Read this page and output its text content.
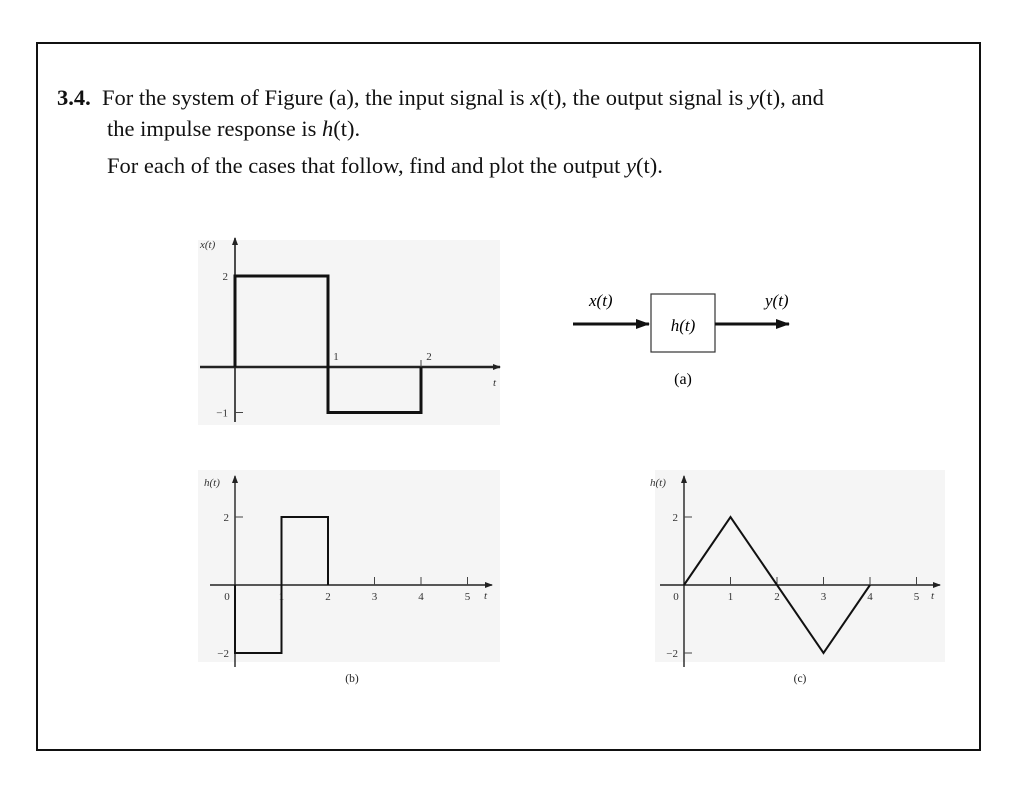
3.4. For the system of Figure (a), the input signal is x(t), the output signal is y(t), and
the impulse response is h(t).
For each of the cases that follow, find and plot the output y(t).
x(t)
h(t)
y(t)
(a)
1	2
2
−1
x(t)
t
0	1	2	3	4	5
2
−2
h(t)
t
(b)
0	1	2	3	4	5
2
−2
h(t)
t
(c)
